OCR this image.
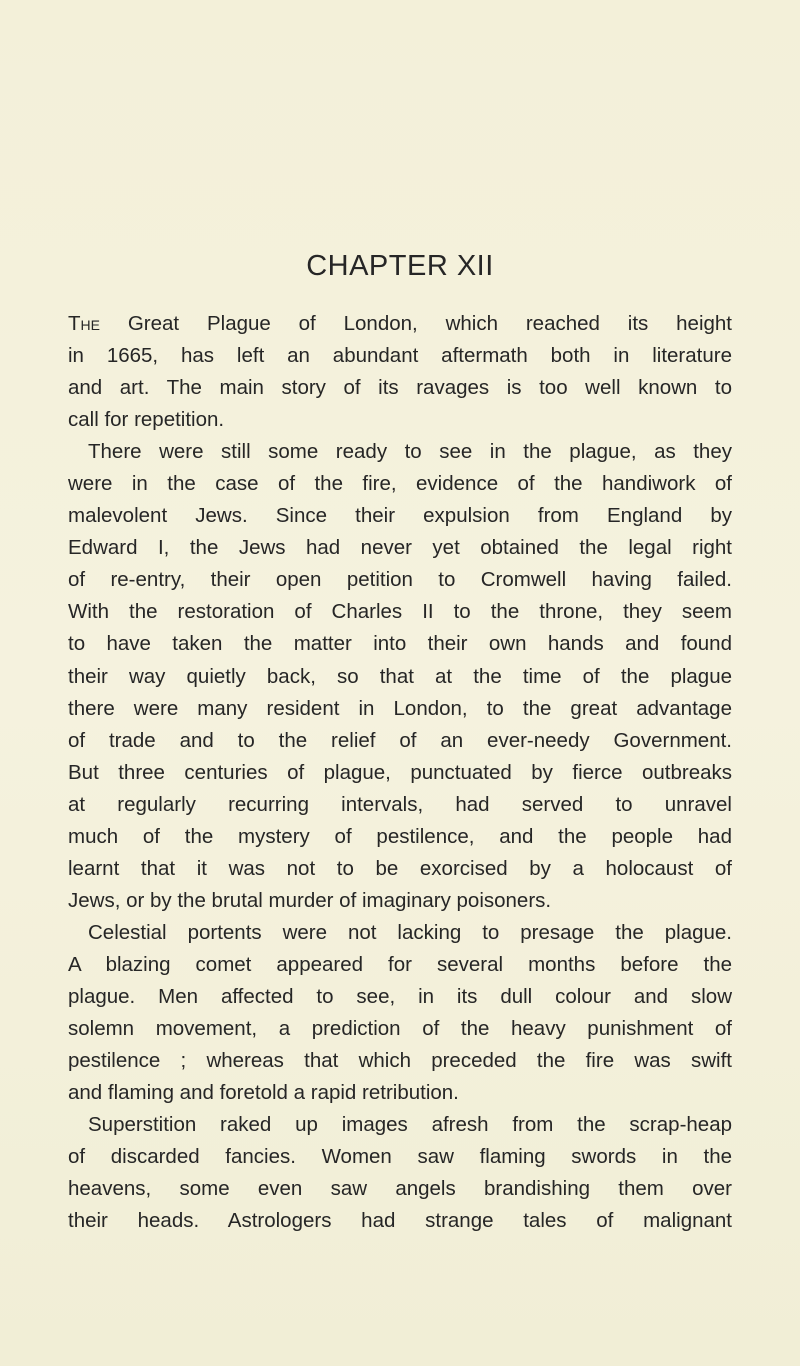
CHAPTER XII
The Great Plague of London, which reached its height
in 1665, has left an abundant aftermath both in literature
and art. The main story of its ravages is too well known to
call for repetition.
There were still some ready to see in the plague, as they
were in the case of the fire, evidence of the handiwork of
malevolent Jews. Since their expulsion from England by
Edward I, the Jews had never yet obtained the legal right
of re-entry, their open petition to Cromwell having failed.
With the restoration of Charles II to the throne, they seem
to have taken the matter into their own hands and found
their way quietly back, so that at the time of the plague
there were many resident in London, to the great advantage
of trade and to the relief of an ever-needy Government.
But three centuries of plague, punctuated by fierce outbreaks
at regularly recurring intervals, had served to unravel
much of the mystery of pestilence, and the people had
learnt that it was not to be exorcised by a holocaust of
Jews, or by the brutal murder of imaginary poisoners.
Celestial portents were not lacking to presage the plague.
A blazing comet appeared for several months before the
plague. Men affected to see, in its dull colour and slow
solemn movement, a prediction of the heavy punishment of
pestilence ; whereas that which preceded the fire was swift
and flaming and foretold a rapid retribution.
Superstition raked up images afresh from the scrap-heap
of discarded fancies. Women saw flaming swords in the
heavens, some even saw angels brandishing them over
their heads. Astrologers had strange tales of malignant
